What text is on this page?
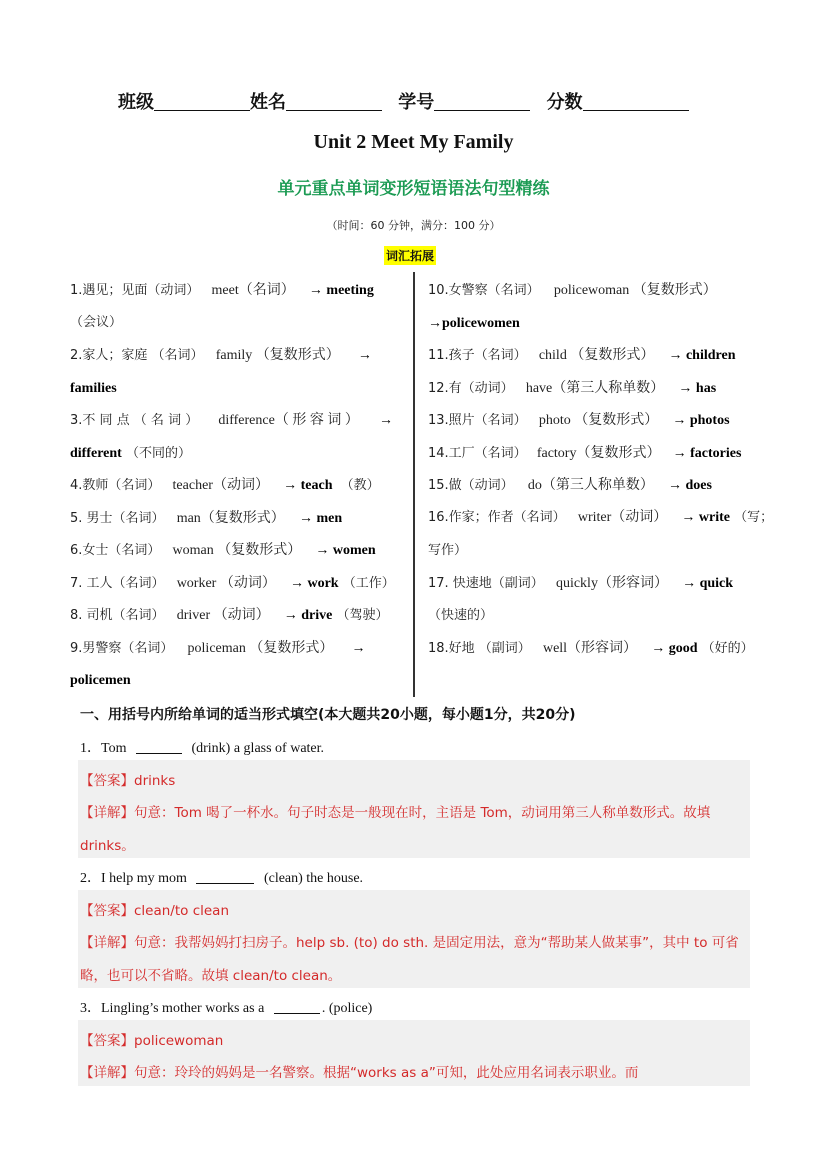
班级	姓名	学号	分数
Unit 2 Meet My Family
单元重点单词变形短语语法句型精练
（时间：60 分钟，满分：100 分）
词汇拓展
1.遇见；见面（动词） meet（名词） → meeting
（会议）
2.家人；家庭 （名词） family （复数形式） →
families
3.不 同 点 （ 名 词 ） difference（ 形 容 词 ） →
different （不同的）
4.教师（名词） teacher（动词） → teach （教）
5. 男士（名词） man（复数形式） → men
6.女士（名词） woman （复数形式） → women
7. 工人（名词） worker （动词） → work （工作）
8. 司机（名词） driver （动词） → drive （驾驶）
9.男警察（名词） policeman （复数形式） →
policemen
10.女警察（名词） policewoman （复数形式）
→policewomen
11.孩子（名词） child （复数形式） → children
12.有（动词） have（第三人称单数） → has
13.照片（名词） photo （复数形式） → photos
14.工厂（名词） factory（复数形式） → factories
15.做（动词） do（第三人称单数） → does
16.作家；作者（名词） writer（动词） → write （写；
写作）
17. 快速地（副词） quickly（形容词） → quick
（快速的）
18.好地 （副词） well（形容词） → good （好的）
一、用括号内所给单词的适当形式填空(本大题共20小题，每小题1分，共20分)
1．Tom	(drink) a glass of water.
【答案】drinks
【详解】句意：Tom 喝了一杯水。句子时态是一般现在时，主语是 Tom，动词用第三人称单数形式。故填
drinks。
2．I help my mom	(clean) the house.
【答案】clean/to clean
【详解】句意：我帮妈妈打扫房子。help sb. (to) do sth. 是固定用法，意为“帮助某人做某事”，其中 to 可省
略，也可以不省略。故填 clean/to clean。
3．Lingling’s mother works as a	. (police)
【答案】policewoman
【详解】句意：玲玲的妈妈是一名警察。根据“works as a”可知，此处应用名词表示职业。而
